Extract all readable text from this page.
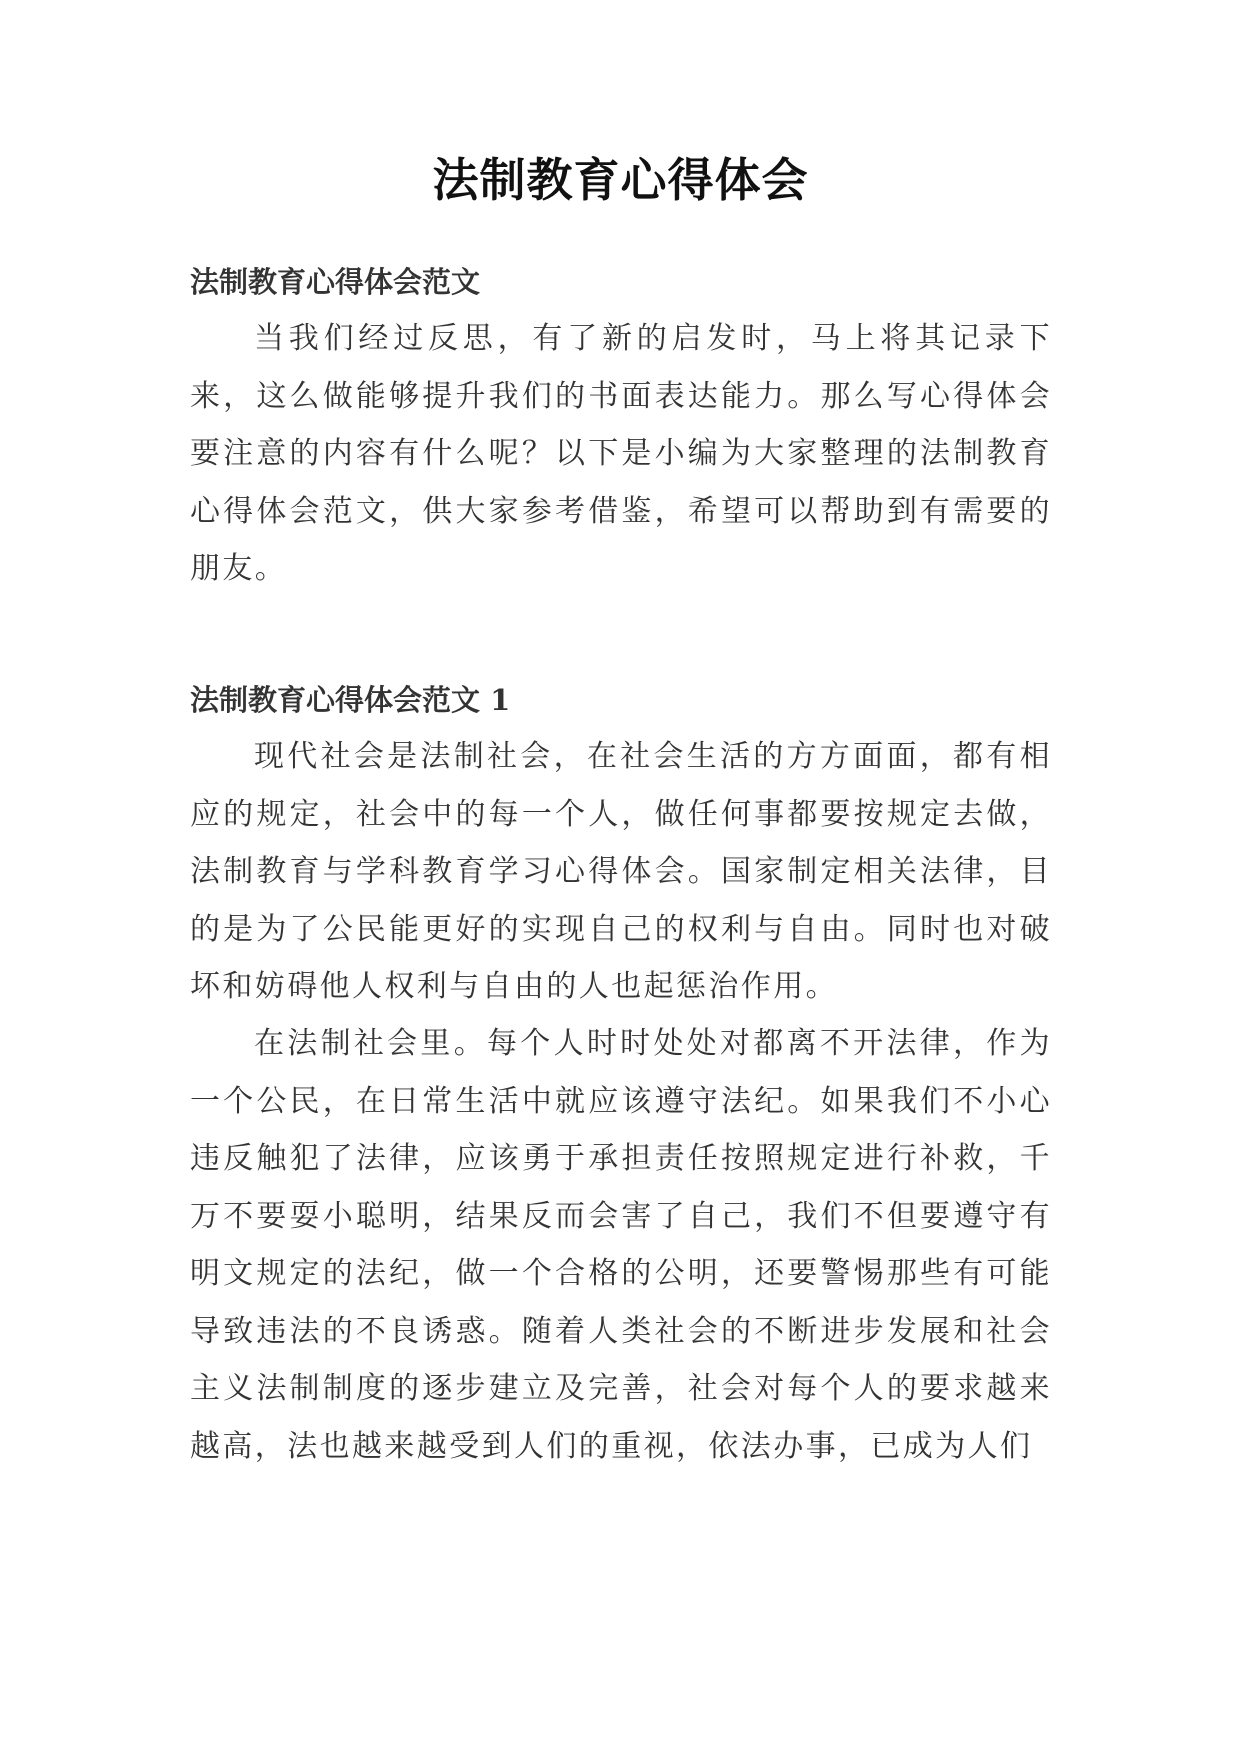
法制教育心得体会
法制教育心得体会范文

当我们经过反思，有了新的启发时，马上将其记录下来，这么做能够提升我们的书面表达能力。那么写心得体会要注意的内容有什么呢？以下是小编为大家整理的法制教育心得体会范文，供大家参考借鉴，希望可以帮助到有需要的朋友。

法制教育心得体会范文 1

现代社会是法制社会，在社会生活的方方面面，都有相应的规定，社会中的每一个人，做任何事都要按规定去做，法制教育与学科教育学习心得体会。国家制定相关法律，目的是为了公民能更好的实现自己的权利与自由。同时也对破坏和妨碍他人权利与自由的人也起惩治作用。

在法制社会里。每个人时时处处对都离不开法律，作为一个公民，在日常生活中就应该遵守法纪。如果我们不小心违反触犯了法律，应该勇于承担责任按照规定进行补救，千万不要耍小聪明，结果反而会害了自己，我们不但要遵守有明文规定的法纪，做一个合格的公明，还要警惕那些有可能导致违法的不良诱惑。随着人类社会的不断进步发展和社会主义法制制度的逐步建立及完善，社会对每个人的要求越来越高，法也越来越受到人们的重视，依法办事，已成为人们
